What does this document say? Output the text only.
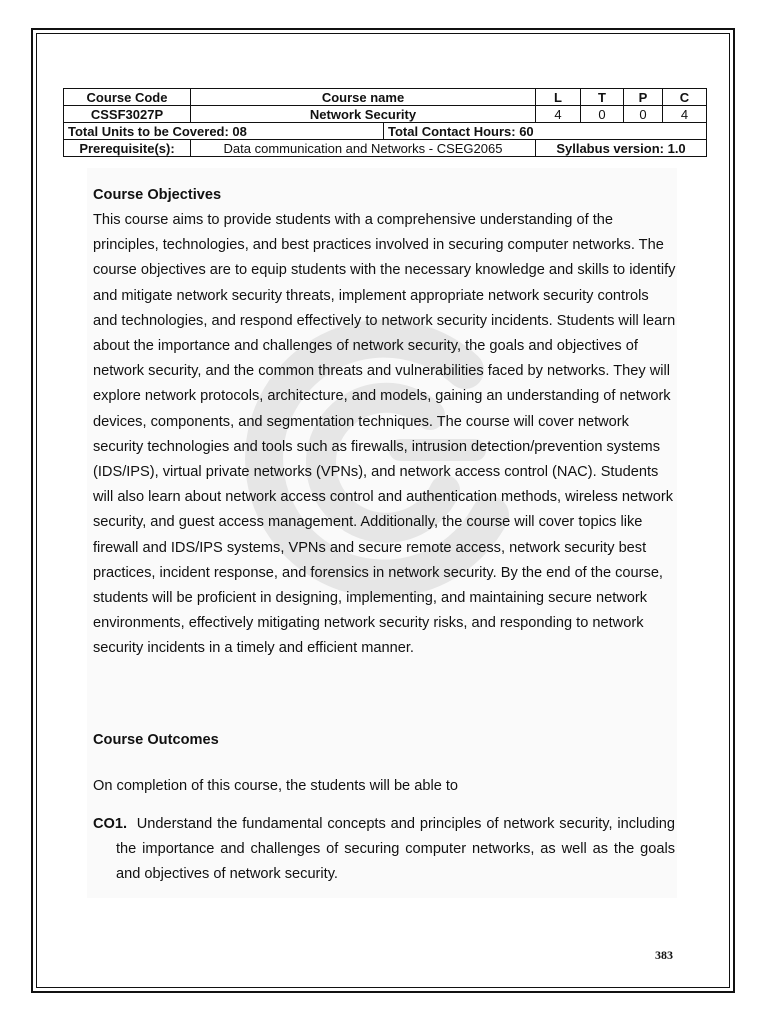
Course Code	Course name		L	T	P	C
CSSF3027P	Network Security		4	0	0	4
Total Units to be Covered: 08		Total Contact Hours: 60				
Prerequisite(s):	Data communication and Networks - CSEG2065		Syllabus version: 1.0			
Course Objectives
This course aims to provide students with a comprehensive understanding of the principles, technologies, and best practices involved in securing computer networks. The course objectives are to equip students with the necessary knowledge and skills to identify and mitigate network security threats, implement appropriate network security controls and technologies, and respond effectively to network security incidents. Students will learn about the importance and challenges of network security, the goals and objectives of network security, and the common threats and vulnerabilities faced by networks. They will explore network protocols, architecture, and models, gaining an understanding of network devices, components, and segmentation techniques. The course will cover network security technologies and tools such as firewalls, intrusion detection/prevention systems (IDS/IPS), virtual private networks (VPNs), and network access control (NAC). Students will also learn about network access control and authentication methods, wireless network security, and guest access management. Additionally, the course will cover topics like firewall and IDS/IPS systems, VPNs and secure remote access, network security best practices, incident response, and forensics in network security. By the end of the course, students will be proficient in designing, implementing, and maintaining secure network environments, effectively mitigating network security risks, and responding to network security incidents in a timely and efficient manner.
Course Outcomes
On completion of this course, the students will be able to
CO1. Understand the fundamental concepts and principles of network security, including the importance and challenges of securing computer networks, as well as the goals and objectives of network security.
383
